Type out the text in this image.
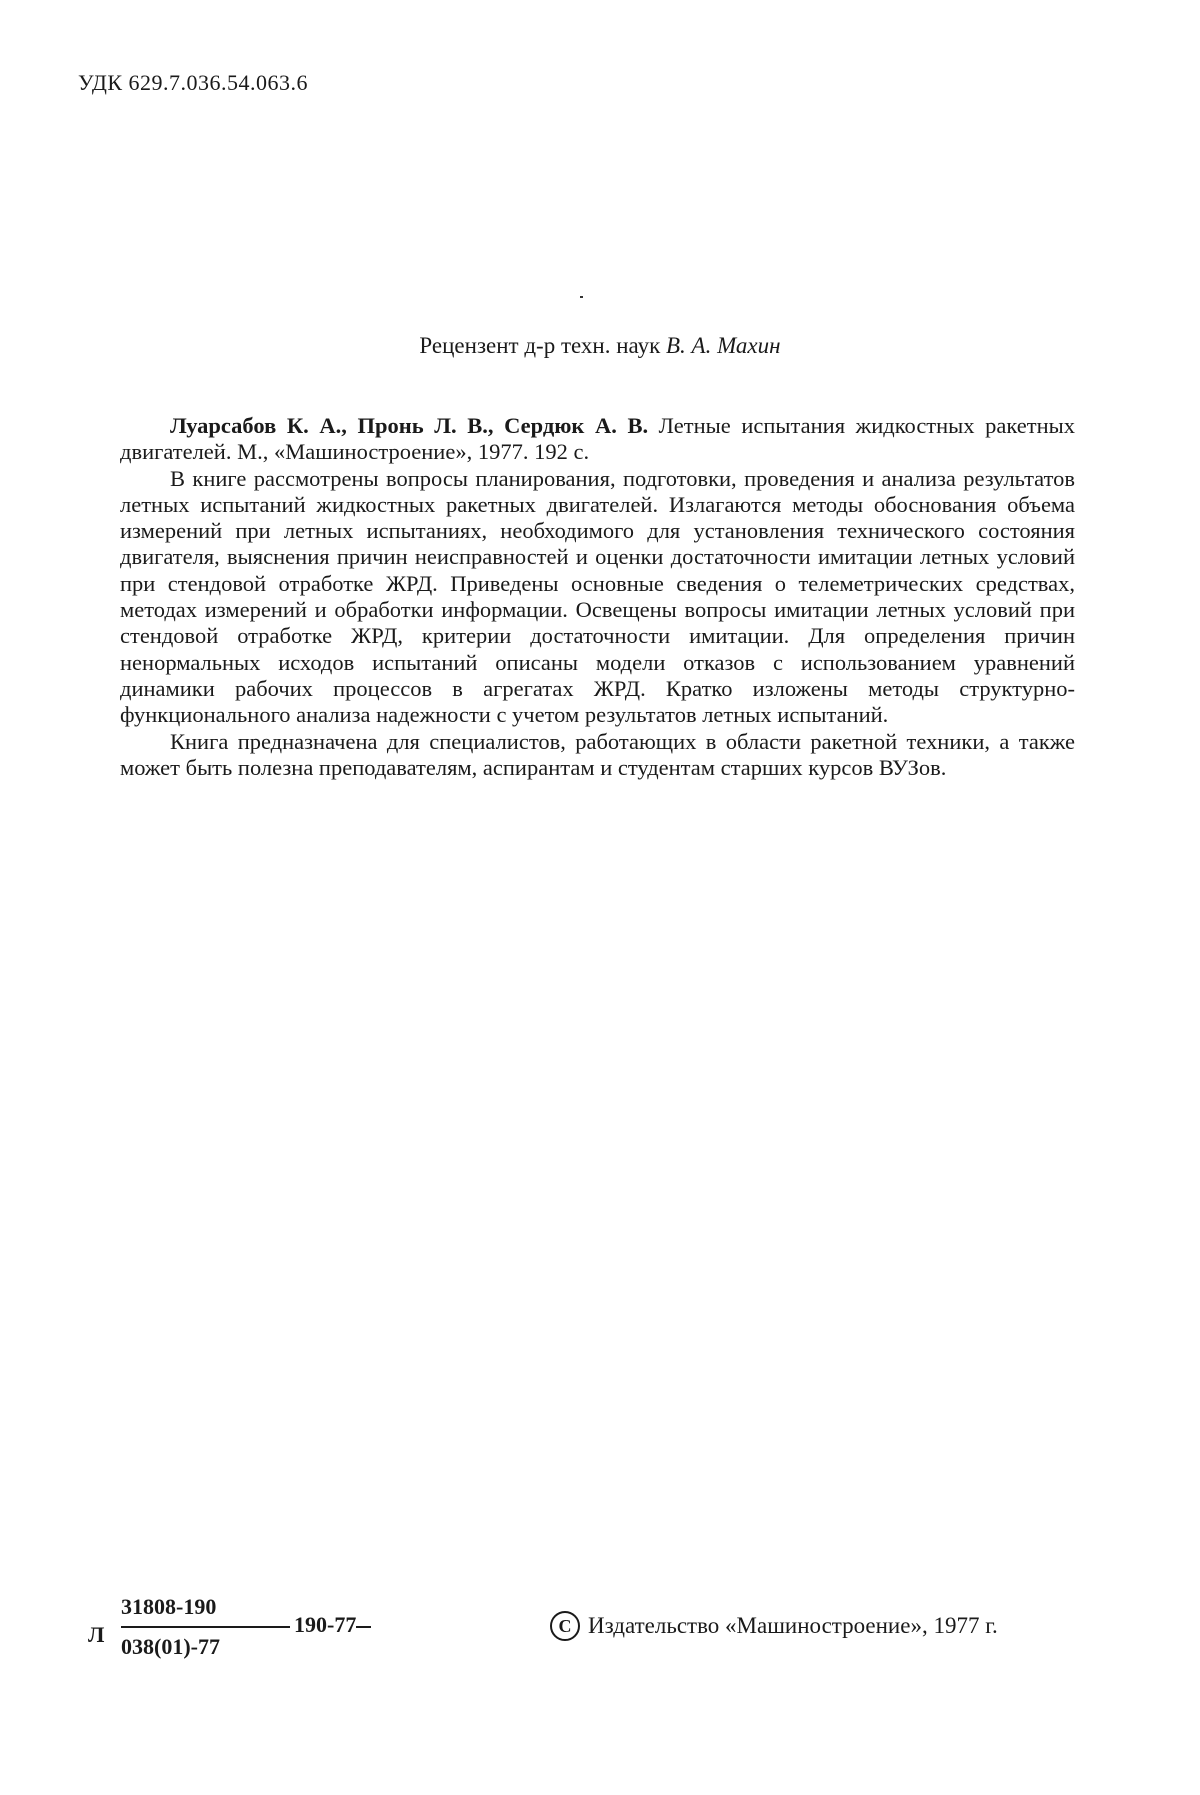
УДК 629.7.036.54.063.6
Рецензент д-р техн. наук В. А. Махин

Луарсабов К. А., Пронь Л. В., Сердюк А. В. Летные испытания жидкостных ракетных двигателей. М., «Машиностроение», 1977. 192 с.

В книге рассмотрены вопросы планирования, подготовки, проведения и анализа результатов летных испытаний жидкостных ракетных двигателей. Излагаются методы обоснования объема измерений при летных испытаниях, необходимого для установления технического состояния двигателя, выяснения причин неисправностей и оценки достаточности имитации летных условий при стендовой отработке ЖРД. Приведены основные сведения о телеметрических средствах, методах измерений и обработки информации. Освещены вопросы имитации летных условий при стендовой отработке ЖРД, критерии достаточности имитации. Для определения причин ненормальных исходов испытаний описаны модели отказов с использованием уравнений динамики рабочих процессов в агрегатах ЖРД. Кратко изложены методы структурно-функционального анализа надежности с учетом результатов летных испытаний.

Книга предназначена для специалистов, работающих в области ракетной техники, а также может быть полезна преподавателям, аспирантам и студентам старших курсов ВУЗов.

Л
31808-190
038(01)-77
190-77	C Издательство «Машиностроение», 1977 г.
